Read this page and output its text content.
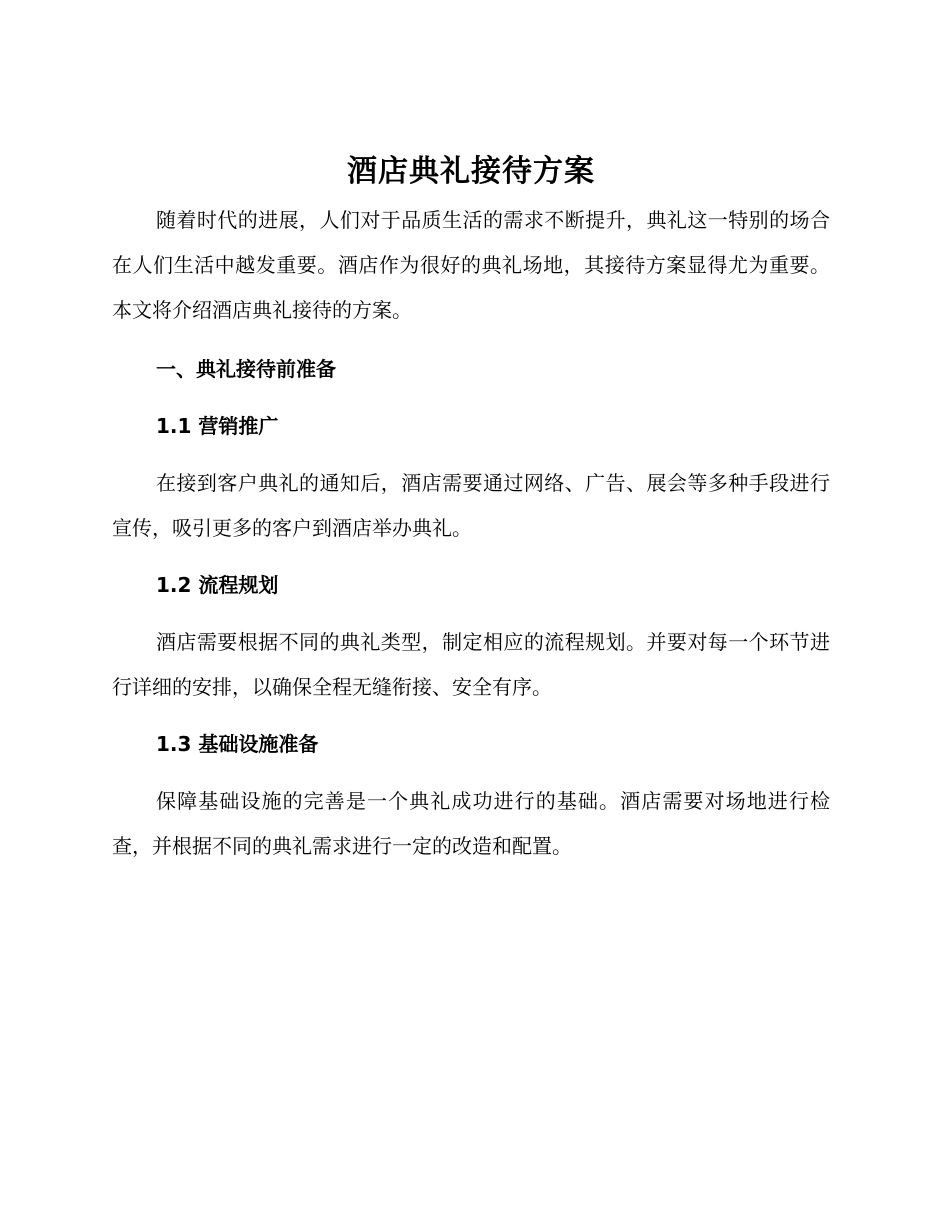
酒店典礼接待方案

随着时代的进展，人们对于品质生活的需求不断提升，典礼这一特别的场合在人们生活中越发重要。酒店作为很好的典礼场地，其接待方案显得尤为重要。本文将介绍酒店典礼接待的方案。

一、典礼接待前准备
1.1 营销推广

在接到客户典礼的通知后，酒店需要通过网络、广告、展会等多种手段进行宣传，吸引更多的客户到酒店举办典礼。

1.2 流程规划

酒店需要根据不同的典礼类型，制定相应的流程规划。并要对每一个环节进行详细的安排，以确保全程无缝衔接、安全有序。

1.3 基础设施准备

保障基础设施的完善是一个典礼成功进行的基础。酒店需要对场地进行检查，并根据不同的典礼需求进行一定的改造和配置。
